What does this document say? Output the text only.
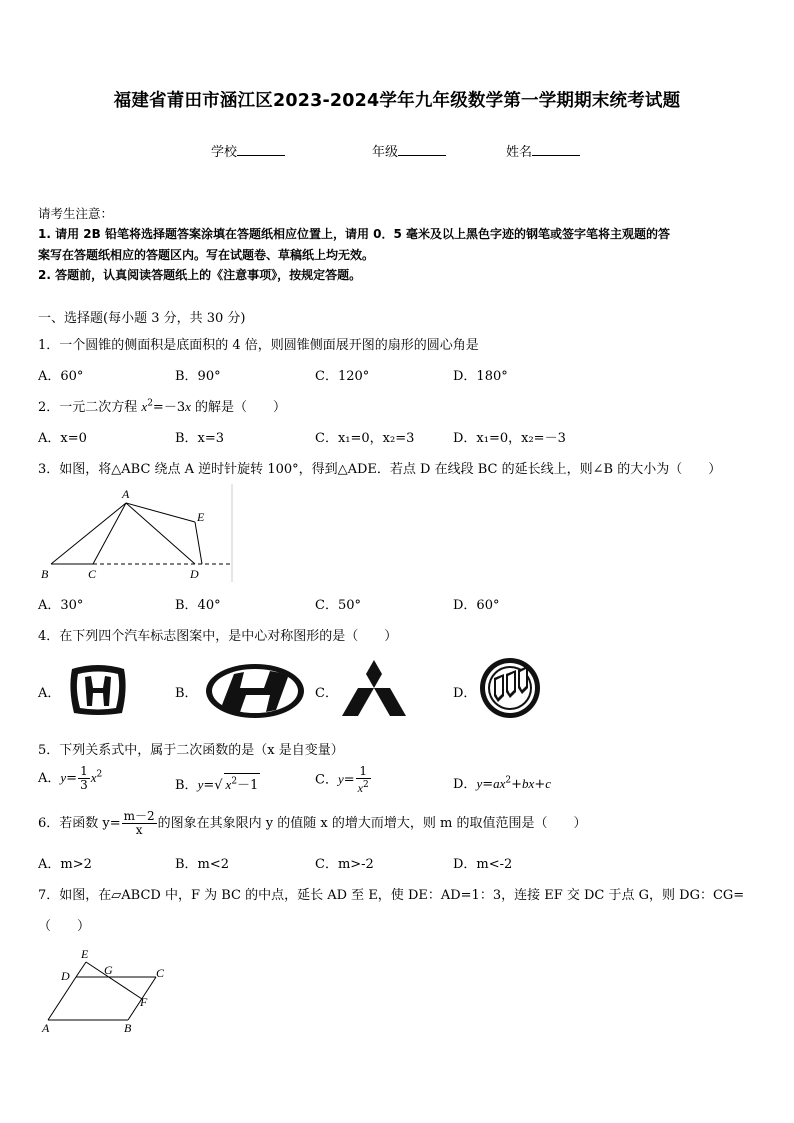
福建省莆田市涵江区2023-2024学年九年级数学第一学期期末统考试题
学校	年级	姓名
请考生注意：
1. 请用 2B 铅笔将选择题答案涂填在答题纸相应位置上，请用 0．5 毫米及以上黑色字迹的钢笔或签字笔将主观题的答
案写在答题纸相应的答题区内。写在试题卷、草稿纸上均无效。
2. 答题前，认真阅读答题纸上的《注意事项》，按规定答题。
一、选择题(每小题 3 分，共 30 分)
1．一个圆锥的侧面积是底面积的 4 倍，则圆锥侧面展开图的扇形的圆心角是
A．60°	B．90°	C．120°	D．180°
2．一元二次方程 $x^2=-3x$ 的解是（　　）
A．x=0	B．x=3	C．x₁=0，x₂=3	D．x₁=0，x₂=－3
3．如图，将△ABC 绕点 A 逆时针旋转 100°，得到△ADE．若点 D 在线段 BC 的延长线上，则∠B 的大小为（　　）
A
B	C	D
E
A．30°	B．40°	C．50°	D．60°
4．在下列四个汽车标志图案中，是中心对称图形的是（　　）
A．	B．	C．	D．
5．下列关系式中，属于二次函数的是（x 是自变量）
A．$y= \frac{1}{3} x^2$
B．y=√ $x^2-1$	C．$y= \frac{1}{x^2}$	D．$y=ax^2+bx+c$
6．若函数 $y= \frac{m-2}{x}$ 的图象在其象限内 y 的值随 x 的增大而增大，则 m 的取值范围是（　　）
A．m>2	B．m<2	C．m>-2	D．m<-2
7．如图，在▱ABCD 中，F 为 BC 的中点，延长 AD 至 E，使 DE：AD=1：3，连接 EF 交 DC 于点 G，则 DG：CG=
（　　）
A	B
C
D
E
F
G
